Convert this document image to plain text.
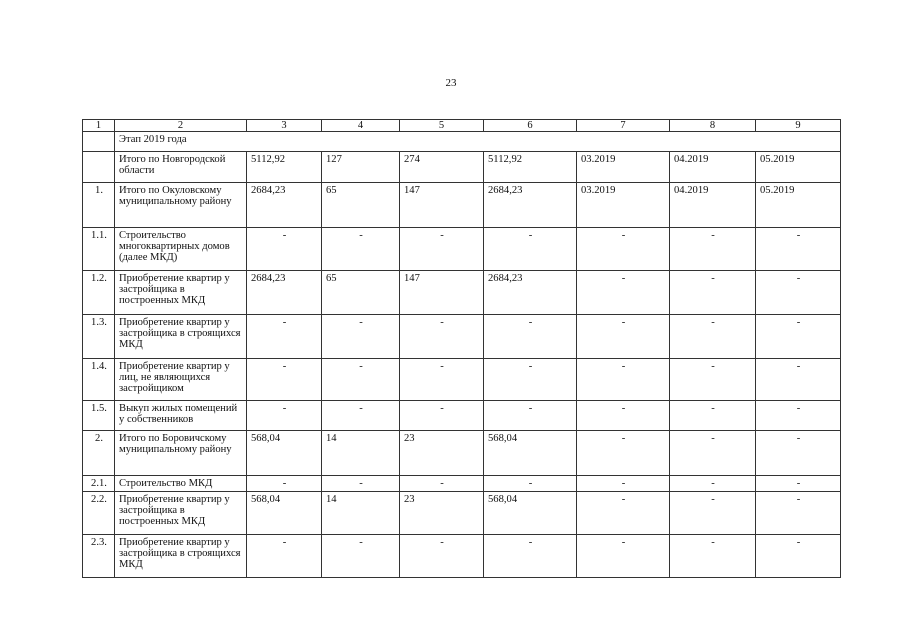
23
1	2	3	4	5	6	7	8	9
	Этап 2019 года							
	Итого по Новгородской области	5112,92	127	274	5112,92	03.2019	04.2019	05.2019
1.	Итого по Окуловскому муниципальному району	2684,23	65	147	2684,23	03.2019	04.2019	05.2019
1.1.	Строительство многоквартирных домов (далее МКД)	-	-	-	-	-	-	-
1.2.	Приобретение квартир у застройщика в построенных МКД	2684,23	65	147	2684,23	-	-	-
1.3.	Приобретение квартир у застройщика в строящихся МКД	-	-	-	-	-	-	-
1.4.	Приобретение квартир у лиц, не являющихся застройщиком	-	-	-	-	-	-	-
1.5.	Выкуп жилых помещений у собственников	-	-	-	-	-	-	-
2.	Итого по Боровичскому муниципальному району	568,04	14	23	568,04	-	-	-
2.1.	Строительство МКД	-	-	-	-	-	-	-
2.2.	Приобретение квартир у застройщика в построенных МКД	568,04	14	23	568,04	-	-	-
2.3.	Приобретение квартир у застройщика в строящихся МКД	-	-	-	-	-	-	-
